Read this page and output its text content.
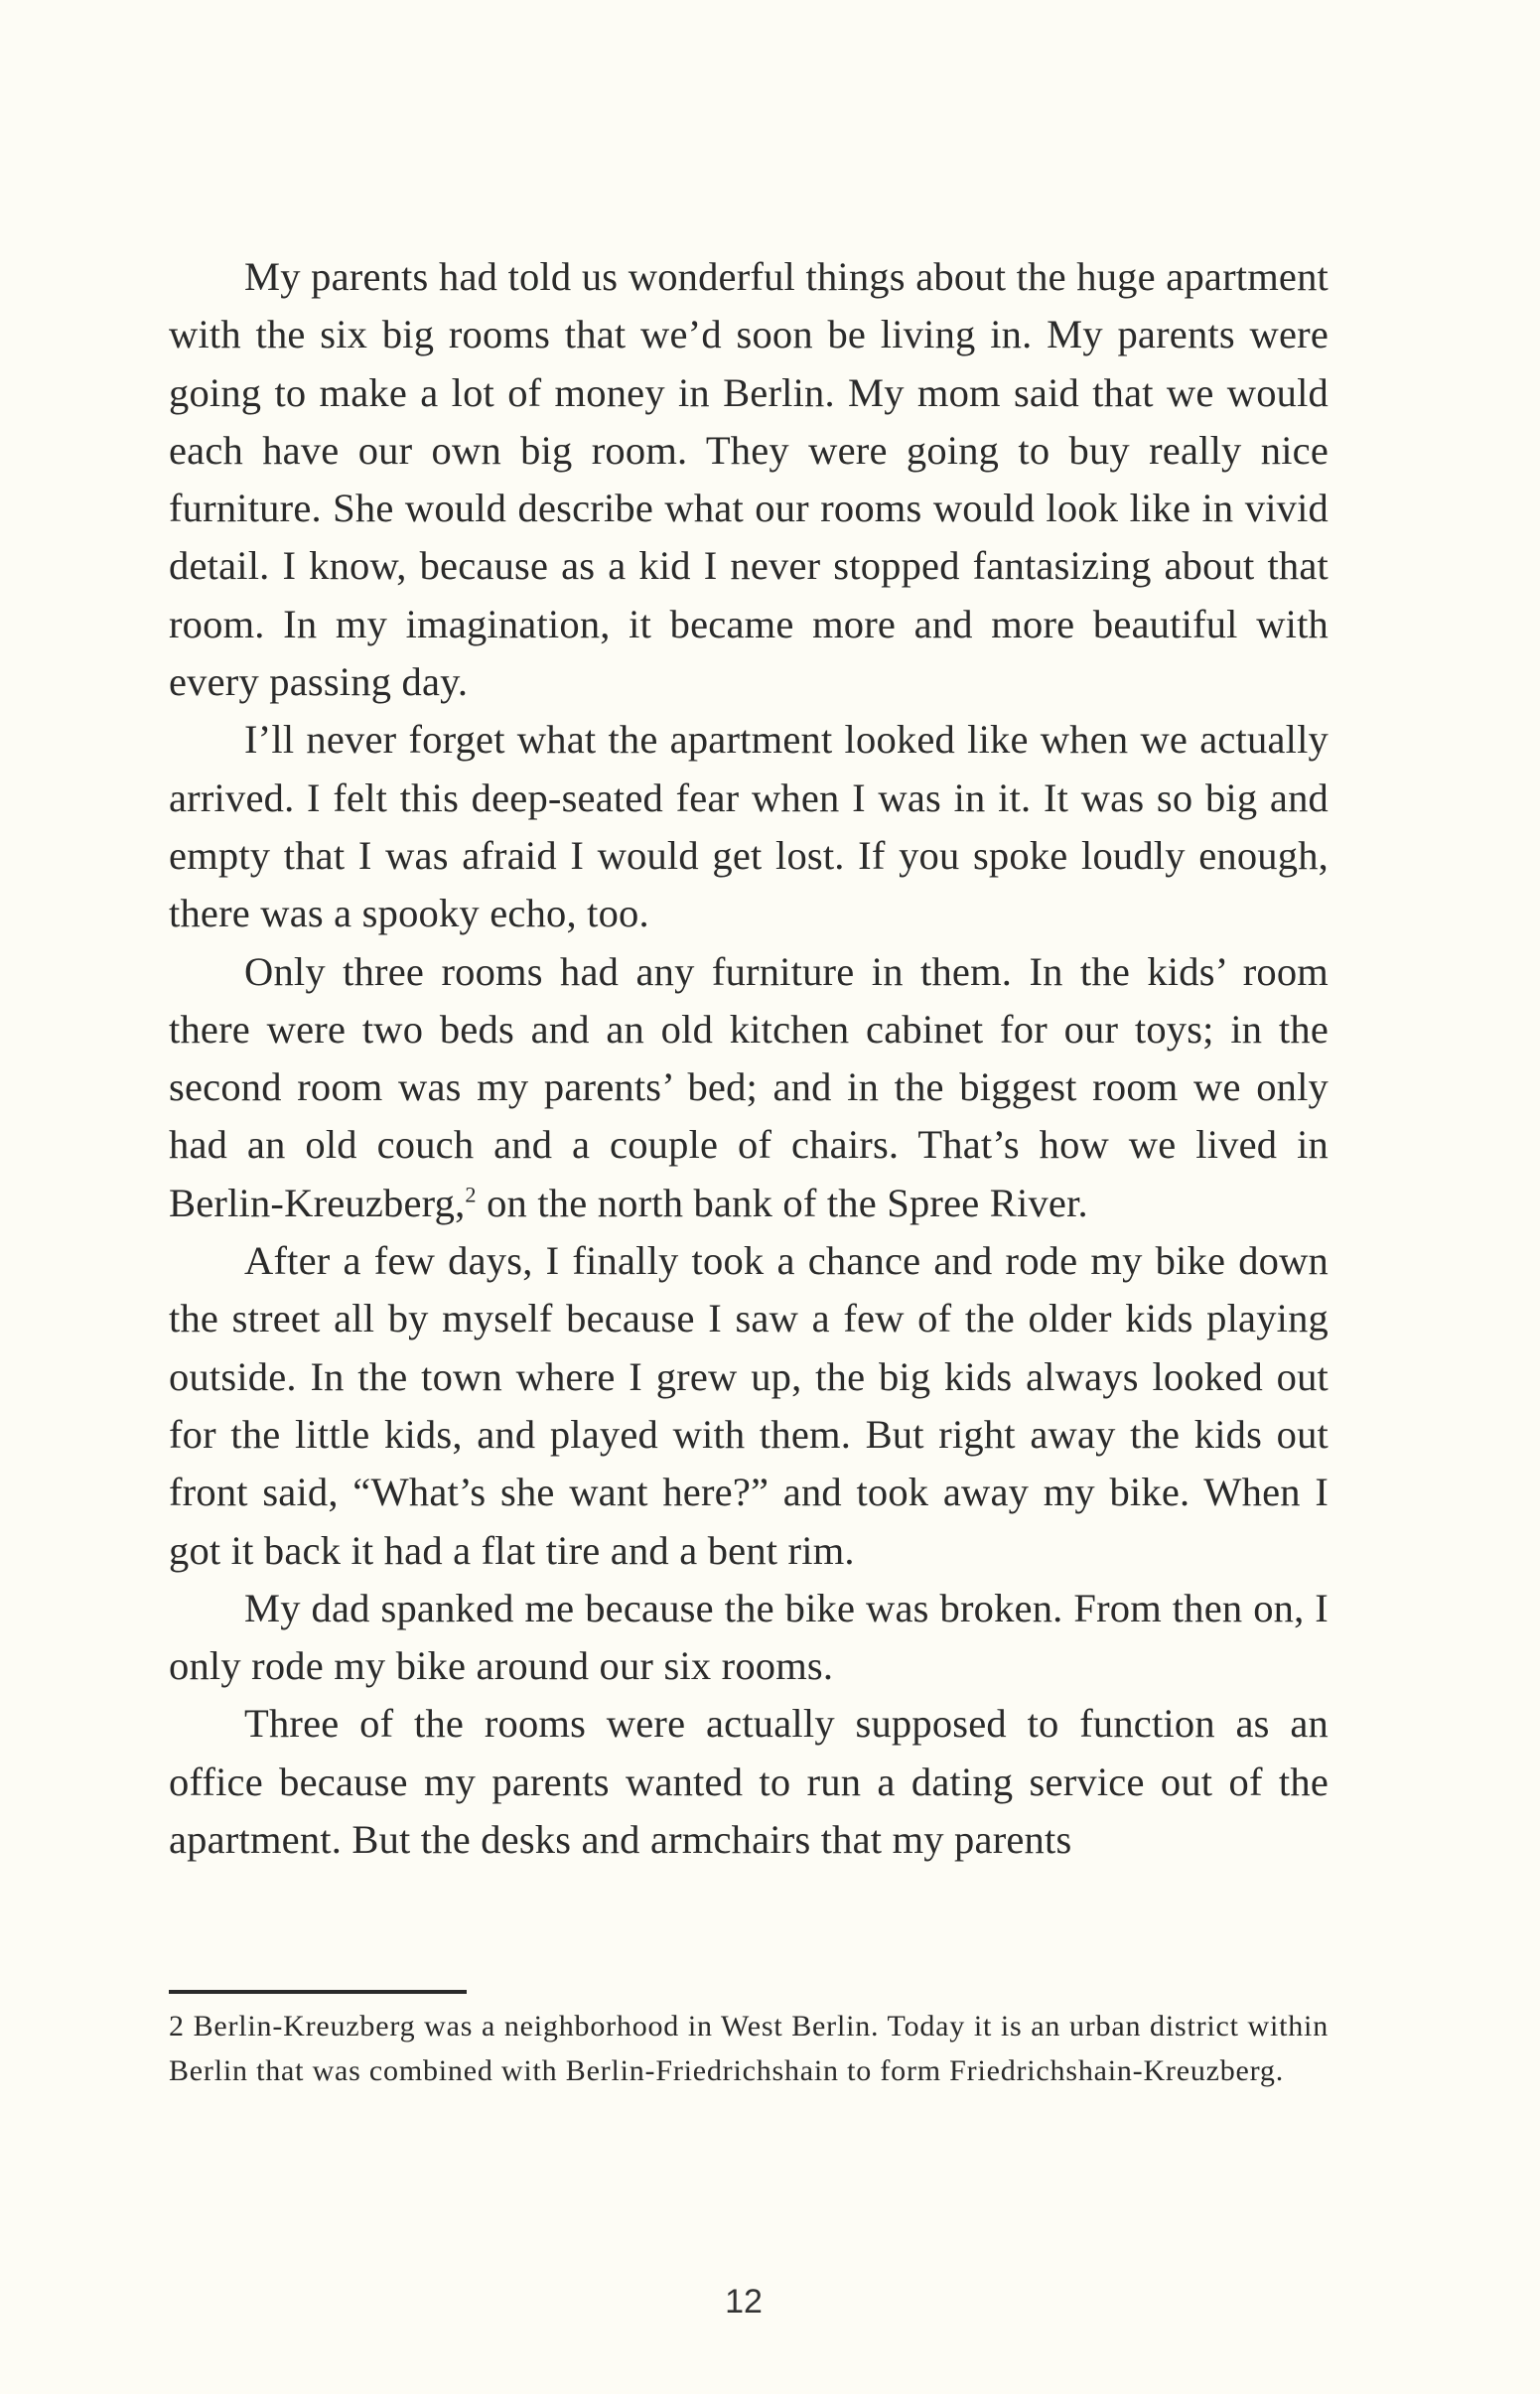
My parents had told us wonderful things about the huge apartment with the six big rooms that we’d soon be living in. My parents were going to make a lot of money in Berlin. My mom said that we would each have our own big room. They were going to buy really nice furniture. She would describe what our rooms would look like in vivid detail. I know, because as a kid I never stopped fantasizing about that room. In my imagination, it became more and more beautiful with every passing day.

I’ll never forget what the apartment looked like when we actually arrived. I felt this deep-seated fear when I was in it. It was so big and empty that I was afraid I would get lost. If you spoke loudly enough, there was a spooky echo, too.

Only three rooms had any furniture in them. In the kids’ room there were two beds and an old kitchen cabinet for our toys; in the second room was my parents’ bed; and in the biggest room we only had an old couch and a couple of chairs. That’s how we lived in Berlin-Kreuzberg,$^2$ on the north bank of the Spree River.

After a few days, I finally took a chance and rode my bike down the street all by myself because I saw a few of the older kids playing outside. In the town where I grew up, the big kids always looked out for the little kids, and played with them. But right away the kids out front said, “What’s she want here?” and took away my bike. When I got it back it had a flat tire and a bent rim.

My dad spanked me because the bike was broken. From then on, I only rode my bike around our six rooms.

Three of the rooms were actually supposed to function as an office because my parents wanted to run a dating service out of the apartment. But the desks and armchairs that my parents

2 Berlin-Kreuzberg was a neighborhood in West Berlin. Today it is an urban district within Berlin that was combined with Berlin-Friedrichshain to form Friedrichshain-Kreuzberg.

12
